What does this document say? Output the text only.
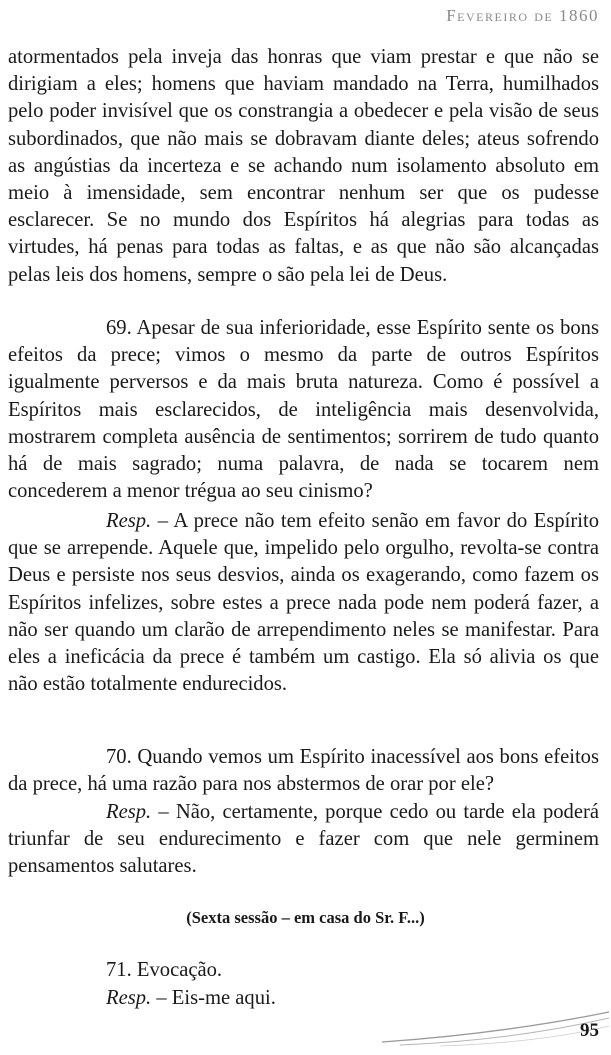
Fevereiro de 1860

atormentados pela inveja das honras que viam prestar e que não se dirigiam a eles; homens que haviam mandado na Terra, humilhados pelo poder invisível que os constrangia a obedecer e pela visão de seus subordinados, que não mais se dobravam diante deles; ateus sofrendo as angústias da incerteza e se achando num isolamento absoluto em meio à imensidade, sem encontrar nenhum ser que os pudesse esclarecer. Se no mundo dos Espíritos há alegrias para todas as virtudes, há penas para todas as faltas, e as que não são alcançadas pelas leis dos homens, sempre o são pela lei de Deus.

69. Apesar de sua inferioridade, esse Espírito sente os bons efeitos da prece; vimos o mesmo da parte de outros Espíritos igualmente perversos e da mais bruta natureza. Como é possível a Espíritos mais esclarecidos, de inteligência mais desenvolvida, mostrarem completa ausência de sentimentos; sorrirem de tudo quanto há de mais sagrado; numa palavra, de nada se tocarem nem concederem a menor trégua ao seu cinismo?

Resp. – A prece não tem efeito senão em favor do Espírito que se arrepende. Aquele que, impelido pelo orgulho, revolta-se contra Deus e persiste nos seus desvios, ainda os exagerando, como fazem os Espíritos infelizes, sobre estes a prece nada pode nem poderá fazer, a não ser quando um clarão de arrependimento neles se manifestar. Para eles a ineficácia da prece é também um castigo. Ela só alivia os que não estão totalmente endurecidos.

70. Quando vemos um Espírito inacessível aos bons efeitos da prece, há uma razão para nos abstermos de orar por ele?

Resp. – Não, certamente, porque cedo ou tarde ela poderá triunfar de seu endurecimento e fazer com que nele germinem pensamentos salutares.

(Sexta sessão – em casa do Sr. F...)

71. Evocação.

Resp. – Eis-me aqui.

95
